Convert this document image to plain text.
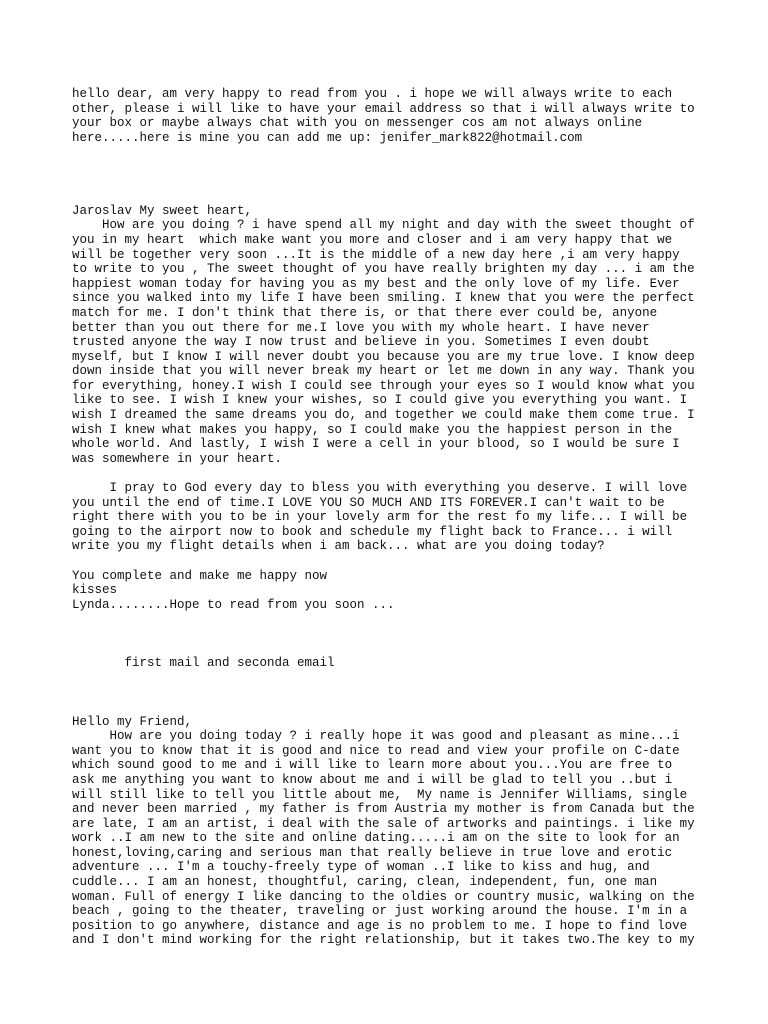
hello dear, am very happy to read from you . i hope we will always write to each
other, please i will like to have your email address so that i will always write to
your box or maybe always chat with you on messenger cos am not always online
here.....here is mine you can add me up: jenifer_mark822@hotmail.com

Jaroslav My sweet heart,
How are you doing ? i have spend all my night and day with the sweet thought of
you in my heart  which make want you more and closer and i am very happy that we
will be together very soon ...It is the middle of a new day here ,i am very happy
to write to you , The sweet thought of you have really brighten my day ... i am the
happiest woman today for having you as my best and the only love of my life. Ever
since you walked into my life I have been smiling. I knew that you were the perfect
match for me. I don't think that there is, or that there ever could be, anyone
better than you out there for me.I love you with my whole heart. I have never
trusted anyone the way I now trust and believe in you. Sometimes I even doubt
myself, but I know I will never doubt you because you are my true love. I know deep
down inside that you will never break my heart or let me down in any way. Thank you
for everything, honey.I wish I could see through your eyes so I would know what you
like to see. I wish I knew your wishes, so I could give you everything you want. I
wish I dreamed the same dreams you do, and together we could make them come true. I
wish I knew what makes you happy, so I could make you the happiest person in the
whole world. And lastly, I wish I were a cell in your blood, so I would be sure I
was somewhere in your heart.

I pray to God every day to bless you with everything you deserve. I will love
you until the end of time.I LOVE YOU SO MUCH AND ITS FOREVER.I can't wait to be
right there with you to be in your lovely arm for the rest fo my life... I will be
going to the airport now to book and schedule my flight back to France... i will
write you my flight details when i am back... what are you doing today?

You complete and make me happy now
kisses
Lynda........Hope to read from you soon ...

first mail and seconda email

Hello my Friend,
How are you doing today ? i really hope it was good and pleasant as mine...i
want you to know that it is good and nice to read and view your profile on C-date
which sound good to me and i will like to learn more about you...You are free to
ask me anything you want to know about me and i will be glad to tell you ..but i
will still like to tell you little about me,  My name is Jennifer Williams, single
and never been married , my father is from Austria my mother is from Canada but the
are late, I am an artist, i deal with the sale of artworks and paintings. i like my
work ..I am new to the site and online dating.....i am on the site to look for an
honest,loving,caring and serious man that really believe in true love and erotic
adventure ... I'm a touchy-freely type of woman ..I like to kiss and hug, and
cuddle... I am an honest, thoughtful, caring, clean, independent, fun, one man
woman. Full of energy I like dancing to the oldies or country music, walking on the
beach , going to the theater, traveling or just working around the house. I'm in a
position to go anywhere, distance and age is no problem to me. I hope to find love
and I don't mind working for the right relationship, but it takes two.The key to my
